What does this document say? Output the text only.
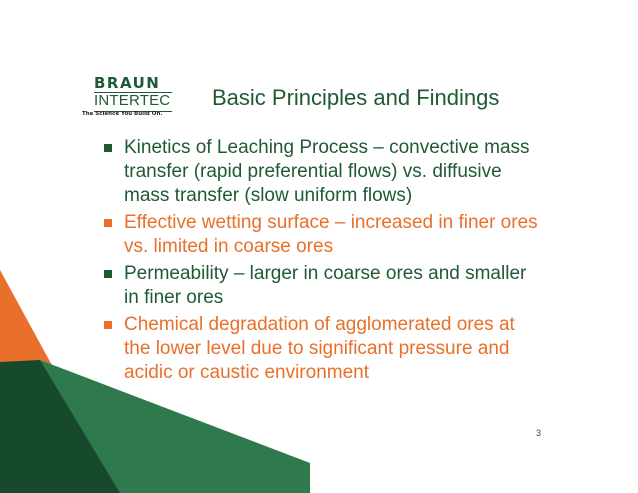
BRAUN
INTERTEC
The Science You Build On.
Basic Principles and Findings
Kinetics of Leaching Process – convective mass transfer (rapid preferential flows) vs. diffusive mass transfer (slow uniform flows)
Effective wetting surface – increased in finer ores vs. limited in coarse ores
Permeability – larger in coarse ores and smaller in finer ores
Chemical degradation of agglomerated ores at the lower level due to significant pressure and acidic or caustic environment
3
